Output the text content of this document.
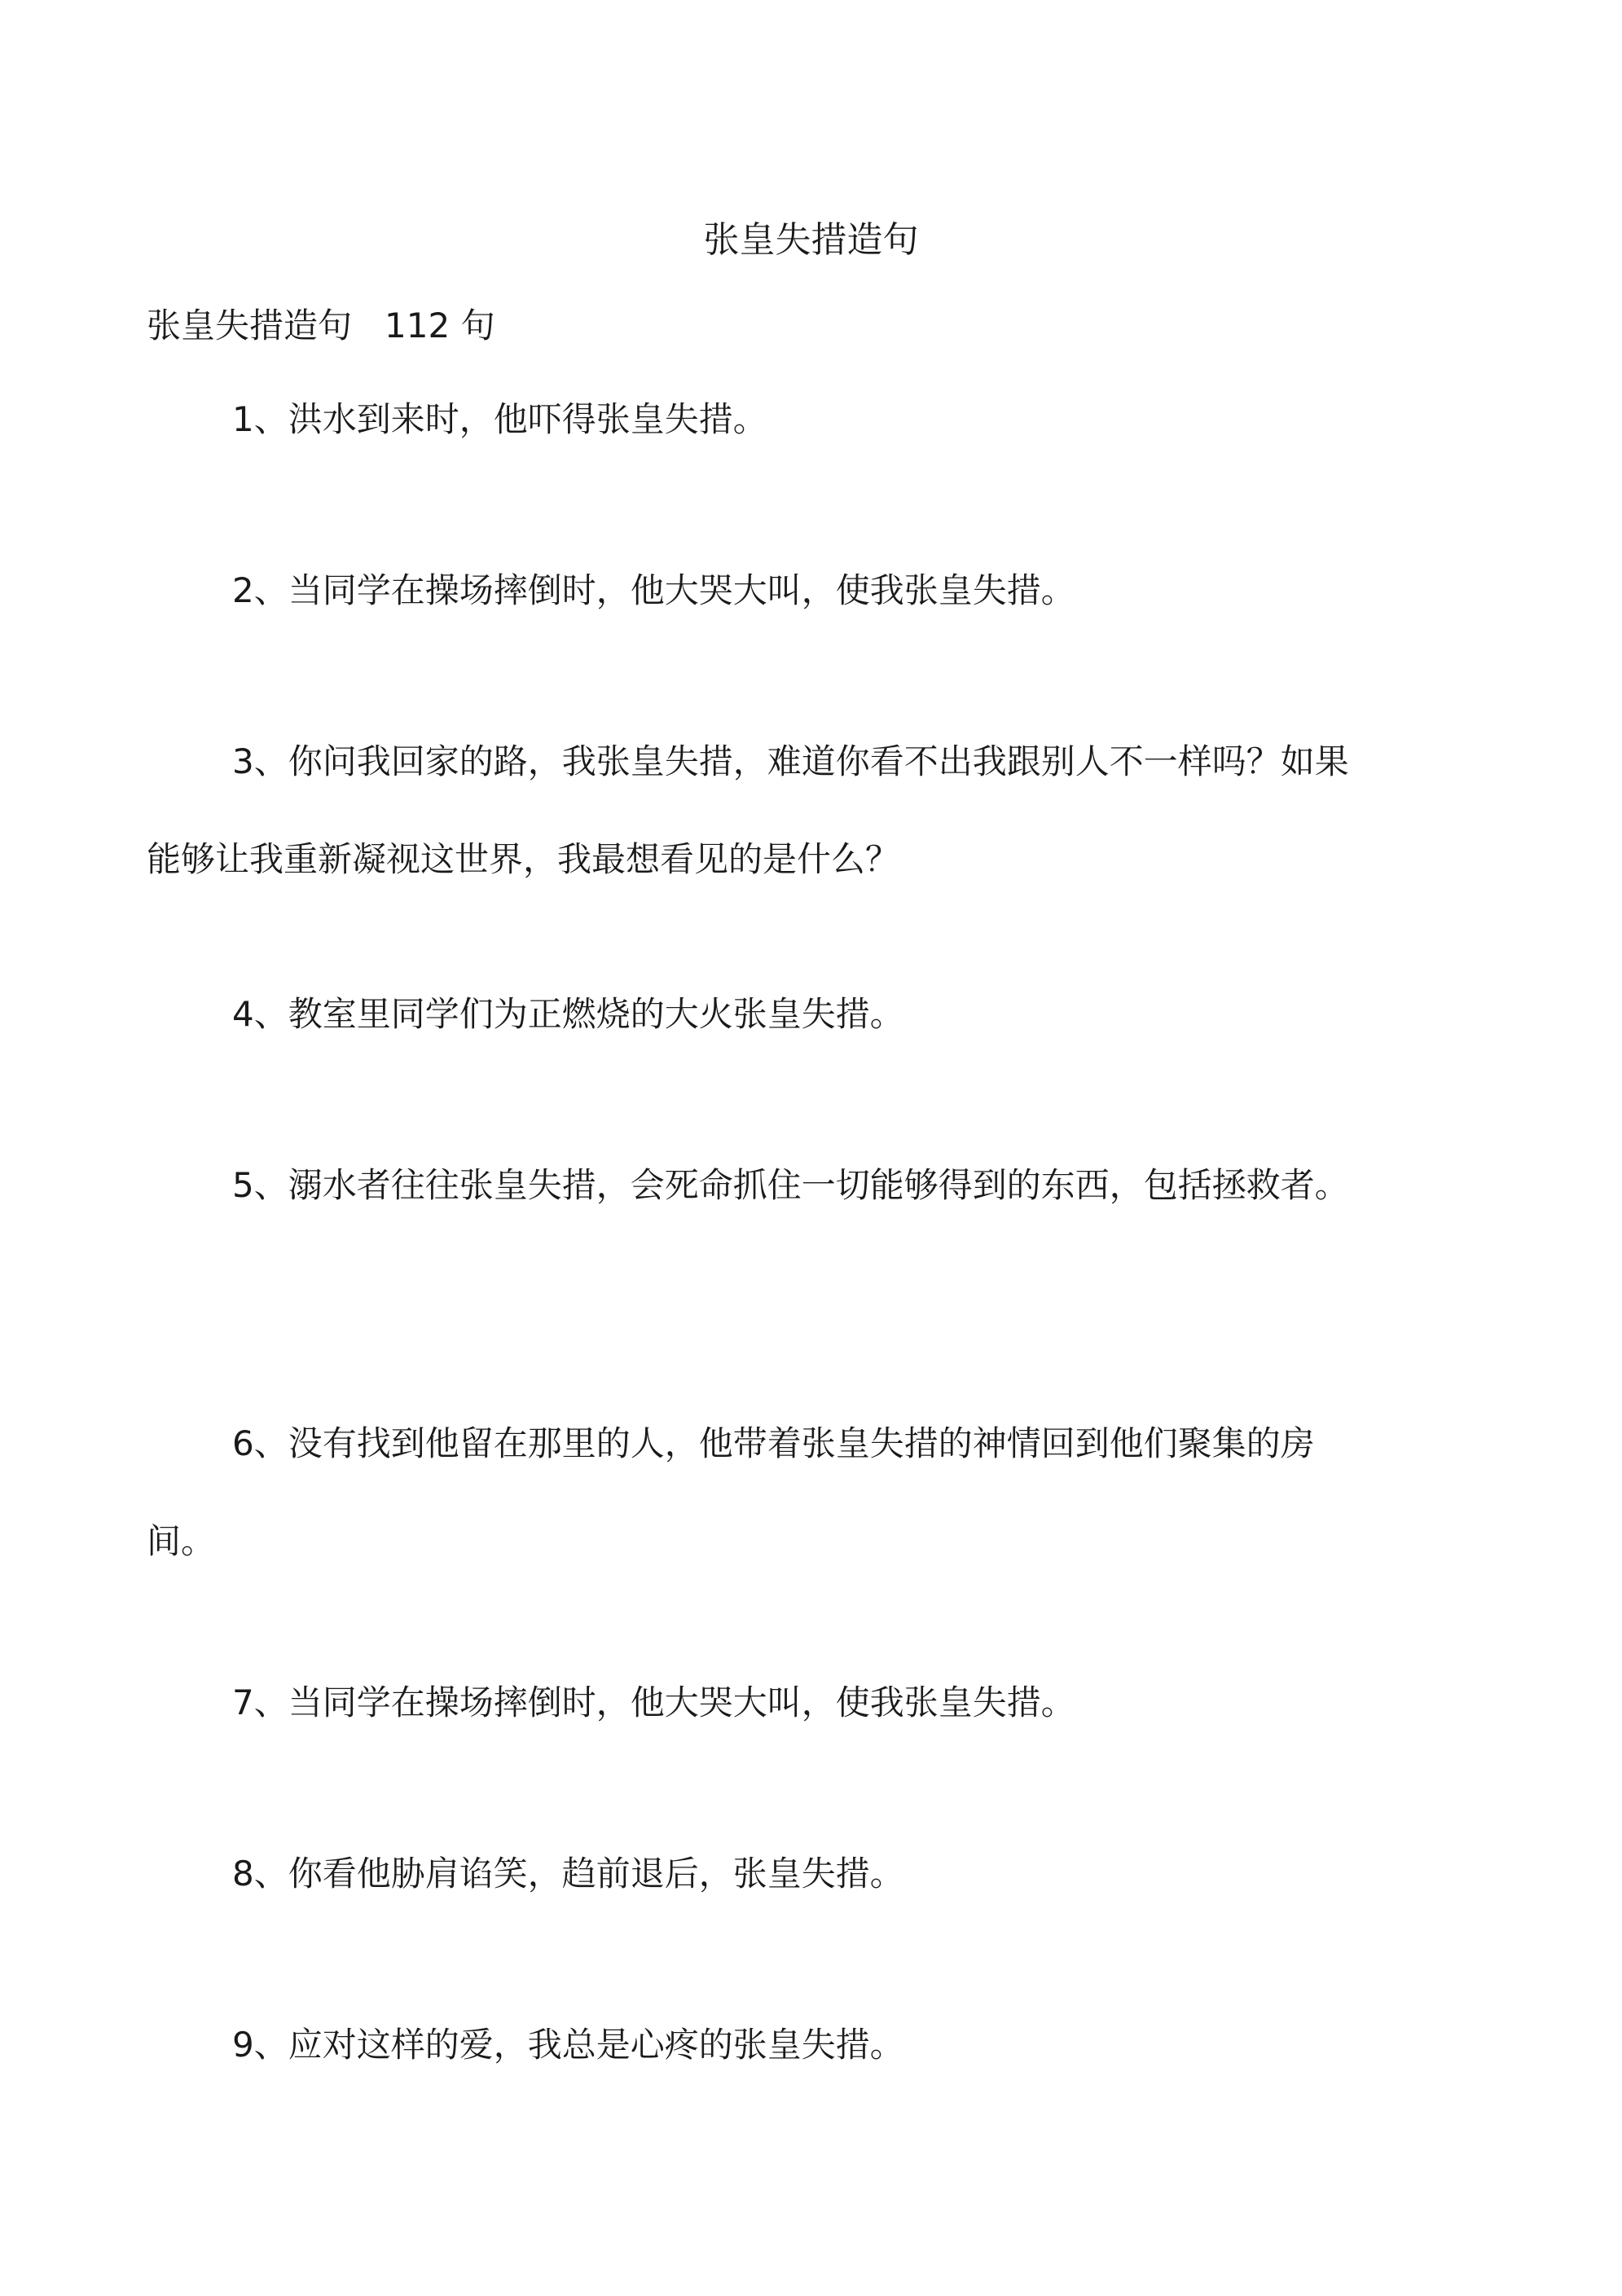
张皇失措造句

张皇失措造句   112 句

1、洪水到来时，他吓得张皇失措。

2、当同学在操场摔倒时，他大哭大叫，使我张皇失措。

3、你问我回家的路，我张皇失措，难道你看不出我跟别人不一样吗？如果能够让我重新凝视这世界，我最想看见的是什么？

4、教室里同学们为正燃烧的大火张皇失措。

5、溺水者往往张皇失措，会死命抓住一切能够得到的东西，包括拯救者。

6、没有找到他留在那里的人，他带着张皇失措的神情回到他们聚集的房间。

7、当同学在操场摔倒时，他大哭大叫，使我张皇失措。

8、你看他胁肩谄笑，趋前退后，张皇失措。

9、应对这样的爱，我总是心疼的张皇失措。
